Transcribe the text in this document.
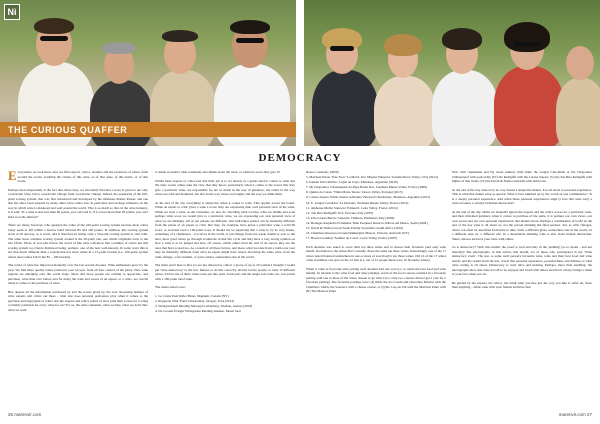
Ni
THE CURIOUS QUAFFER
DEMOCRACY

Everywhere we look these days we find experts, critics, retailers and the producers of wines, from around the world, extolling the virtues of this wine, or of that wine, of this bottle, or of that bottle.

Perhaps more importantly is the fact that, these days, we invariably find that a score is given to not only a particular wine, but to a particular vintage from a particular vintage. Indeed, the popularity of the 100-point scoring system, that was first introduced and developed by the infamous Robert Parker, and one that has since been adopted by many other wine critics, has, in particular, had an huge influence on the way in which wine is marketed and sold around the world. This is so much so that, in the wine industry, it is said: "If a wine scores less than 90 points, you can't sell it; if it scores more than 90 points, you can't hold it on the shelves!"

There are many, however, who question the value of the 100-point scoring system because most wines today seem to fall within a narrow band between 85 and 100 points. In addition, this scoring system starts at 50 anyway, so it starts, and is therefore in reality only a 50-point scoring system to start with. The other most common scoring system around is the 20-point one, one which originates back to the late 1950s. Those of you who follow the world of fine wine will know that a number of critics use this scoring system too (Jancis Robinson being, perhaps, one of the best well-known). In some ways this is not that much different than a system that has most wines in a 15-point bracket (i.e. 100-point system where most wines fall in the 85 – 100 bracket).

The world of wine has improved markedly over the last several decades. Wine enthusiasts grow by the year. We find more quality wines produced, year on year, from all four corners of the globe. New wine regions are emerging onto the world stage. More and more people are coming to appreciate, and purchase, wine than ever before and for many the wine and scores of an expert, or a critic, are crucial when it comes to the purchase of wine.

But, despite all the information purchased by and the scores given by, the ever increasing number of wine experts and critics out there - what role does personal preference play when it comes to the purchase and enjoyment of wine? Are the experts and critics points of view (and their scores for a wine) a reliable yardstick for every wine for us? For us, the wine consumer, what we like; what we don't like; what we want

to drink, no matter what somebody else thinks about the wine, or whatever score they give it?

Whilst most experts or critics feel that their job is to act merely as a guide when it comes to wine and the wine world, others take the view that they know, particularly when it comes to the scores that they give a particular wine, are responsible for not so much in the way of guidance, but rather in the way wines are sold and marketed, but also in the way wines are bought, and the way we drink them.

At the end of the day everything is subjective when it comes to wine. This applies across the board. When an expert or critic gives a wine a score, they are expressing their own personal view of the wine. When we taste a wine, as the consumer, we also do. Deciding what we like, what we dislike and even perhaps what score we would give to a particular wine, we are expressing our own personal view of what we are drinking. All of our palates are different. Our individual palates can be markedly different from the palate of an expert or critic that may, for example, have given a particular wine a solid 96 score, or awarded even a 100-point score. It should not be surprising that a wine is, by its very nature, something of a chameleon - it evolves in the bottle, it can change from one week, month or year to the next, most good wines go through evolutions in that life cycle and they have a very strong opinion on how a wine is to be judged and how, Of course, whilst others hold the cult of an expert, they are the ones that have scored too. As a result of all these factors, and more, what we taste from a bottle one year may be markedly different from what an expert might have tasted, involving the same wine, from the same vintage, a few months, or years earlier, somewhere else in the world.

The main point here is that we are not allowed to collect a group of up to 20 outside I thought I would put 'wine democracy' to the test. Indeed, to do this correctly, invited twelve people, to taste 15 different wines. All but one of these wines were put into pairs. Each pair, and the single solo wine out, was paired with a 100-point rated wine.

The wines tasted were:

1. Le Cuvée Pont Killer Bruto, Magnum, Canada [NV]
2. Rogereau Villé 'Fond' Chardonnay, Oregon, USA [2014]
3. Weingut Knoll Riesling Smaragd Loibenberg, Wachau, Austria [2018]
4. Dr. Loosen Ürziger Würzgarten Riesling Auslese, Mosel Saar
Ruwer, Germany [2006]
5. Mas'beat Estate 'Free Now' 'La Mont', Ilvo Migual Vineyard, Sonoma River Valley, USA [2014]
6. Kaiken Ultra Malbec, Lujan de Cuyo, Mendoza, Argentina [2016]
7. Mt Chapoutier 'Chateauneuf-du-Pape Barbe Rac, Southern Rhone Valley, France [2006]
8. Quinta do Crasto 'Vinha Maria Teresa', Douro Valley, Portugal [2015]
9. Catena Zapata 'White Stones' Adrianna Vineyard Chardonnay, Mendoza, Argentina [2015]
10. E. Guigal 'Condrieu' 'La Doriane', Northern Rhone Valley, France [2016]
11. Alphonse Mellot Sancerre 'Edmond', Loire Valley, France [2014]
12. Tua Rita 'Redigaffi' IGT, Toscana, Italy [2007]
13. Elio Grasso Barolo 'Ginestra' Chiniera, Piedmont, Italy [2006]
14. Bodegas Alejandro Fernández Tinto Pesquera Reserva, Ribera del Duero, Spain [2004]
15. David & Nadia Cowan Sadie Family Swartland, South Africa [2016]
16. Chambers Rosewood Grand Rutherglen Muscat, Victoria, Australia [NV]
17. Bouvet Ladubay 'Saumur de Caves', Loire Valley, France [2007]

Each attendee was asked to score their top three wines and to choose their favourite (and one) wine match. In relation to the wines that I actually chose the same top three wines. Interestingly, one of the 17 wines tasted featured somewhere in one or more of everybody's top three wines. Old 16 of the 17 wines came in number one spot on the 12 lists (i.e. out of 12 people there were 16 favourite wines).

When it came to food and wine pairing each attendee had one vote (i.e. to name the best food and wine match). In relation to the wine food and wine pairings, seven of the food courses resulted in a favourite pairing with one or more of the wines chosen to go with it (i.e. only two courses did not get a vote for a favourite pairing). The favourite pairings were: (I) either the Ice Cream and Chocolate Mousse with the Chambers which, the Sancerre with a cheese course, or (I) the Coq-au-Vin with the Mas'beat Pinot with (II) The Mastroe Pinot

Noir with clementine and fig cured salmon; (III) either the Guigal Côte-Rôtie or the Chapoutier Châteauneuf with pork belly; (IV) the Redigaffi with the Catena Zapata; (V) the Tua Rita Redigaffi with lighter of that steak; (VI) the David & Nadia Grenache with lamb loin.

At the end of the day wine is by no way means a subjective matter. It is all down to personal experience. This is what that makes wine so special. Wine is best summed up by the words of one commentator: "It is a deeply personal experience. And when those personal experiences align (I love that wine too!) a wine becomes a catalyst in human interaction".

At the end of the day whilst we shouldn't ignore the experts and the critics scores for a particular wine, and their informed guidance when it comes to purchase of the same, it is perhaps our own views, our own scores and our own personal experiences that matters more. Perhaps a combination of both? At the end of the day wine is all about us, not the person drinking the final product. Just as with vintages, wines can often be described from time to time, from a different glass, somewhere else in the world, on a different date, by a different one. In a dependable drinking wine is also about human interaction. Share, discuss and love your wine with others.

So is democracy? Well, this month, the proof is well and truly in the 'pudding' (so to speak – and not literally)! The photographs, in this article, this month, are of those who participated in my 'Wine democracy event'. The test, to some such person's favourite wine, wine and their best food and wine match, and the results from the test, reveal that personal experience, personal likes, and dislikes, is what wine tasting is all about. Democracy is truly alive and kicking. Perhaps, more than anything, the photographs show that wine is both to be enjoyed and loved with others and that it always brings a smile to your face when you do.

Be guided by the experts, the critics, but drink what you like just the way you like it. After all, more than anything – drink wine with your friends and have fun!

26 marenvir.com	marenvir.com 27
